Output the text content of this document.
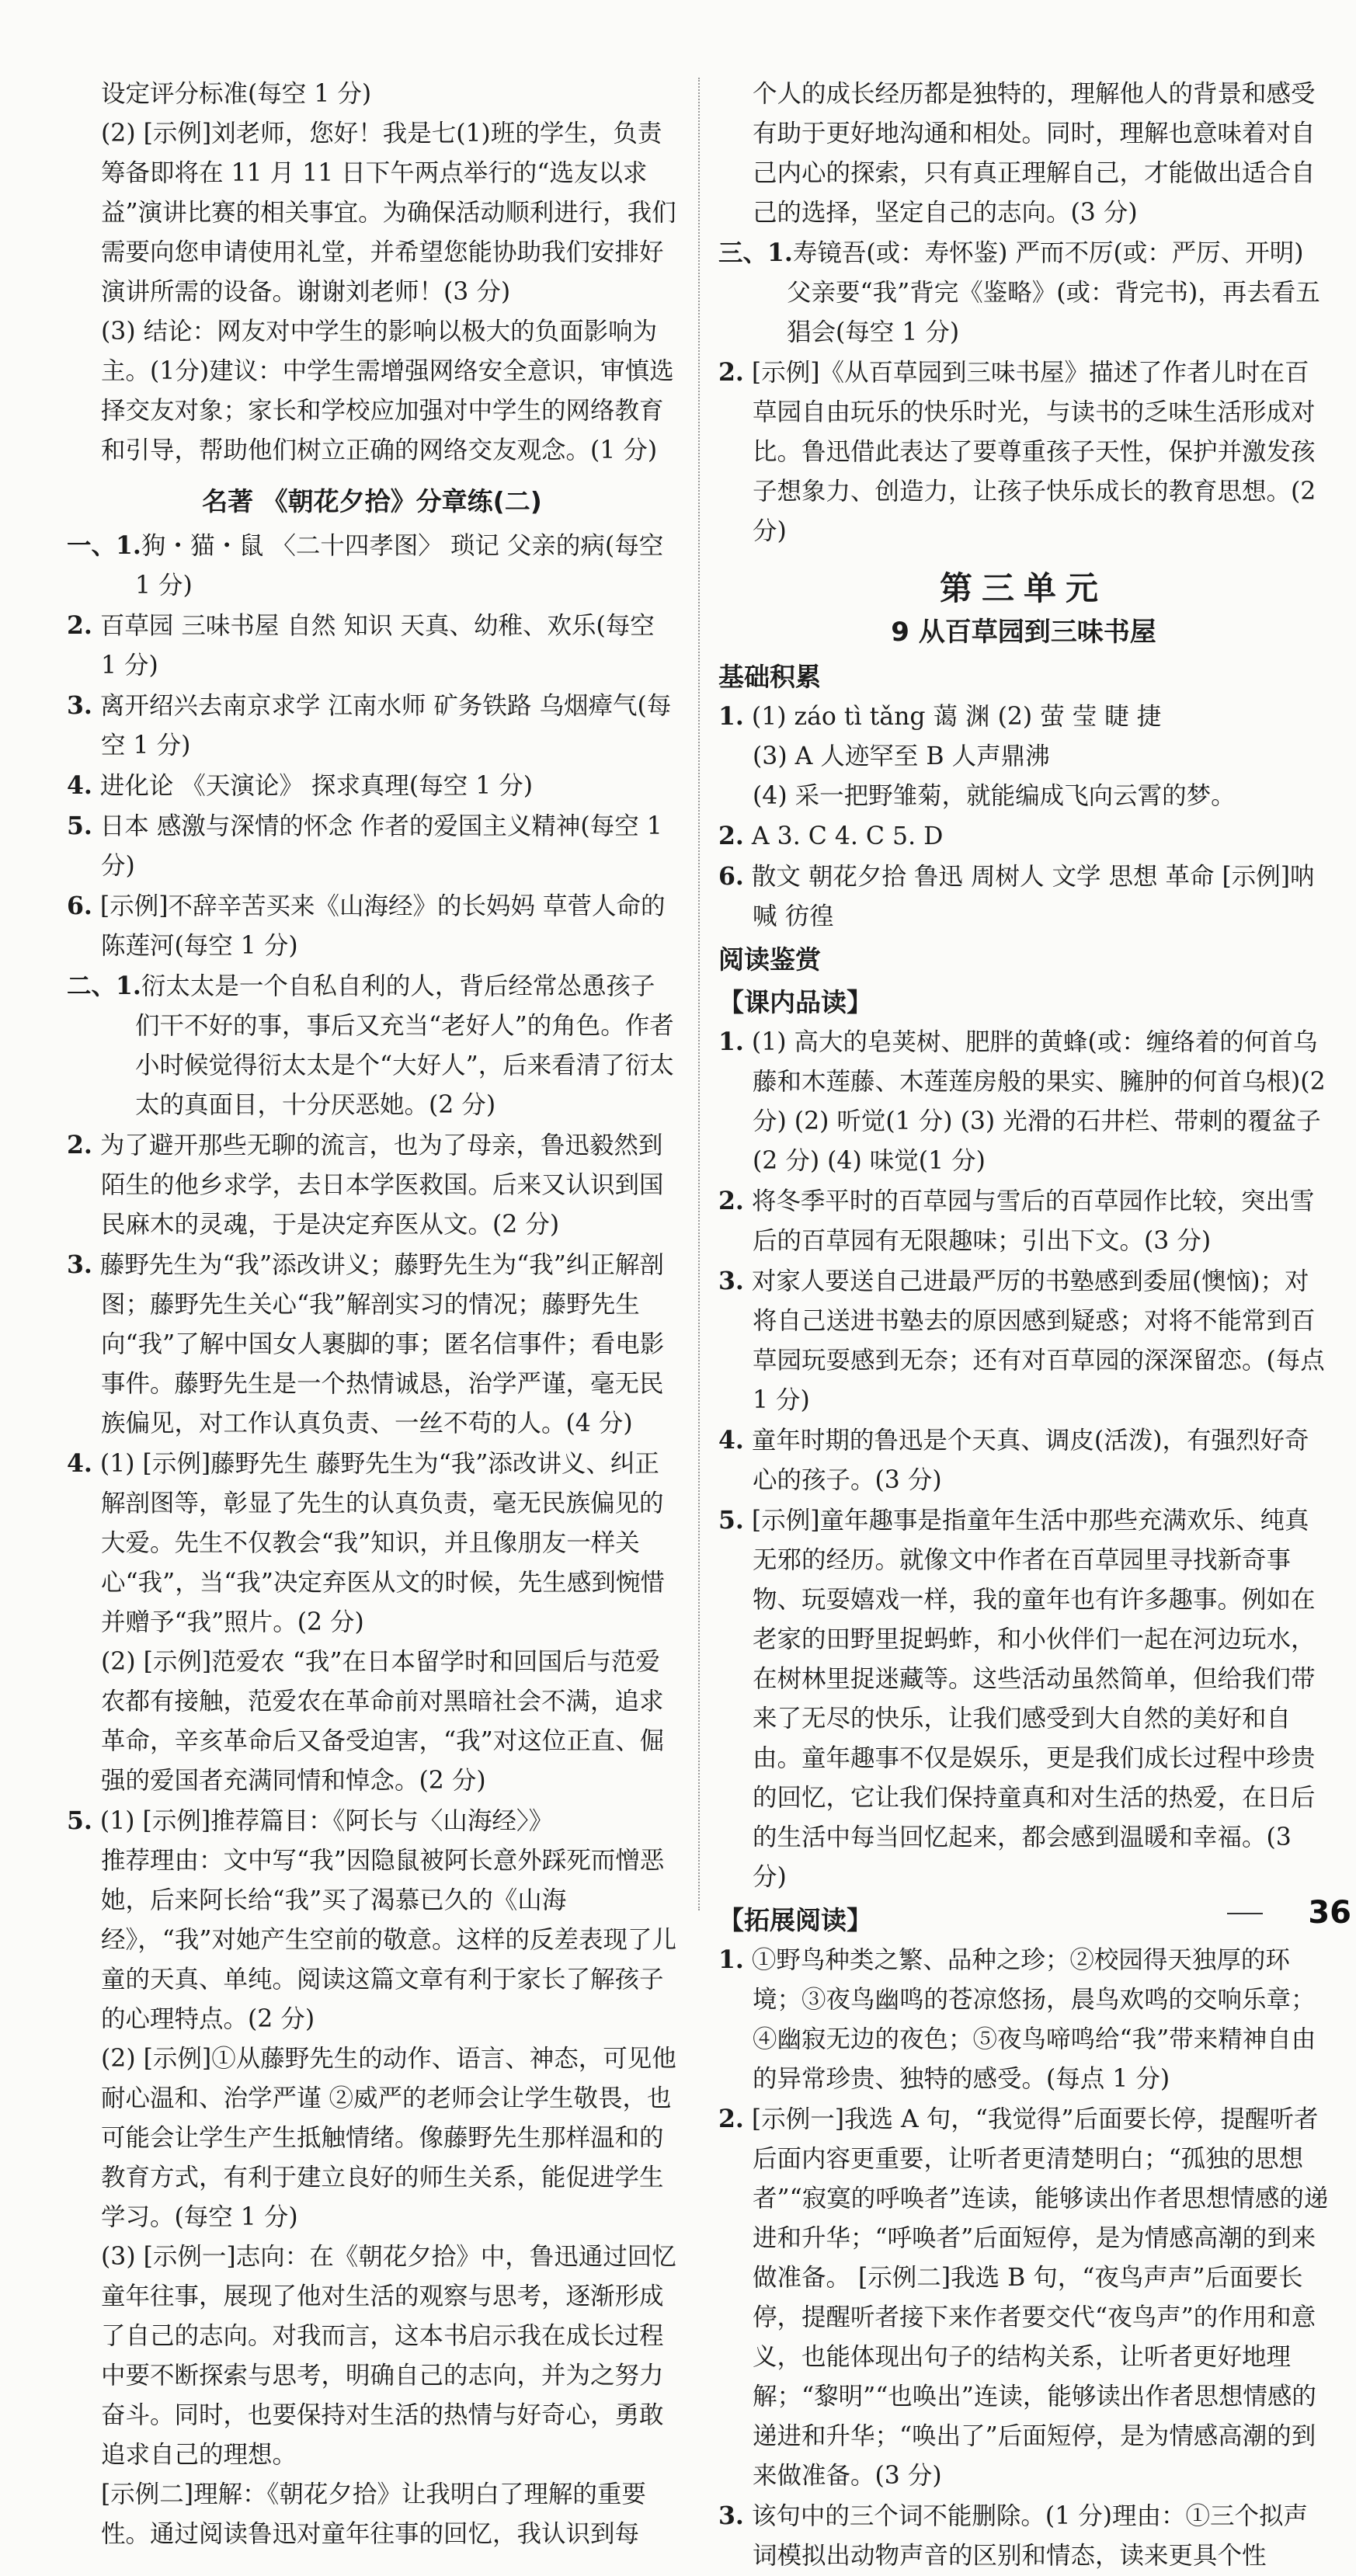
设定评分标准(每空 1 分)

(2) [示例]刘老师，您好！我是七(1)班的学生，负责筹备即将在 11 月 11 日下午两点举行的“选友以求益”演讲比赛的相关事宜。为确保活动顺利进行，我们需要向您申请使用礼堂，并希望您能协助我们安排好演讲所需的设备。谢谢刘老师！(3 分)

(3) 结论：网友对中学生的影响以极大的负面影响为主。(1分)建议：中学生需增强网络安全意识，审慎选择交友对象；家长和学校应加强对中学生的网络教育和引导，帮助他们树立正确的网络交友观念。(1 分)

名著 《朝花夕拾》分章练(二)

一、1.狗・猫・鼠 〈二十四孝图〉 琐记 父亲的病(每空 1 分)

2. 百草园 三味书屋 自然 知识 天真、幼稚、欢乐(每空 1 分)

3. 离开绍兴去南京求学 江南水师 矿务铁路 乌烟瘴气(每空 1 分)

4. 进化论 《天演论》 探求真理(每空 1 分)

5. 日本 感激与深情的怀念 作者的爱国主义精神(每空 1 分)

6. [示例]不辞辛苦买来《山海经》的长妈妈 草菅人命的陈莲河(每空 1 分)

二、1.衍太太是一个自私自利的人，背后经常怂恿孩子们干不好的事，事后又充当“老好人”的角色。作者小时候觉得衍太太是个“大好人”，后来看清了衍太太的真面目，十分厌恶她。(2 分)

2. 为了避开那些无聊的流言，也为了母亲，鲁迅毅然到陌生的他乡求学，去日本学医救国。后来又认识到国民麻木的灵魂，于是决定弃医从文。(2 分)

3. 藤野先生为“我”添改讲义；藤野先生为“我”纠正解剖图；藤野先生关心“我”解剖实习的情况；藤野先生向“我”了解中国女人裹脚的事；匿名信事件；看电影事件。藤野先生是一个热情诚恳，治学严谨，毫无民族偏见，对工作认真负责、一丝不苟的人。(4 分)

4. (1) [示例]藤野先生 藤野先生为“我”添改讲义、纠正解剖图等，彰显了先生的认真负责，毫无民族偏见的大爱。先生不仅教会“我”知识，并且像朋友一样关心“我”，当“我”决定弃医从文的时候，先生感到惋惜并赠予“我”照片。(2 分)

(2) [示例]范爱农 “我”在日本留学时和回国后与范爱农都有接触，范爱农在革命前对黑暗社会不满，追求革命，辛亥革命后又备受迫害，“我”对这位正直、倔强的爱国者充满同情和悼念。(2 分)

5. (1) [示例]推荐篇目：《阿长与〈山海经〉》

推荐理由：文中写“我”因隐鼠被阿长意外踩死而憎恶她，后来阿长给“我”买了渴慕已久的《山海经》，“我”对她产生空前的敬意。这样的反差表现了儿童的天真、单纯。阅读这篇文章有利于家长了解孩子的心理特点。(2 分)

(2) [示例]①从藤野先生的动作、语言、神态，可见他耐心温和、治学严谨 ②威严的老师会让学生敬畏，也可能会让学生产生抵触情绪。像藤野先生那样温和的教育方式，有利于建立良好的师生关系，能促进学生学习。(每空 1 分)

(3) [示例一]志向：在《朝花夕拾》中，鲁迅通过回忆童年往事，展现了他对生活的观察与思考，逐渐形成了自己的志向。对我而言，这本书启示我在成长过程中要不断探索与思考，明确自己的志向，并为之努力奋斗。同时，也要保持对生活的热情与好奇心，勇敢追求自己的理想。

[示例二]理解：《朝花夕拾》让我明白了理解的重要性。通过阅读鲁迅对童年往事的回忆，我认识到每

个人的成长经历都是独特的，理解他人的背景和感受有助于更好地沟通和相处。同时，理解也意味着对自己内心的探索，只有真正理解自己，才能做出适合自己的选择，坚定自己的志向。(3 分)

三、1.寿镜吾(或：寿怀鉴) 严而不厉(或：严厉、开明) 父亲要“我”背完《鉴略》(或：背完书)，再去看五猖会(每空 1 分)

2. [示例]《从百草园到三味书屋》描述了作者儿时在百草园自由玩乐的快乐时光，与读书的乏味生活形成对比。鲁迅借此表达了要尊重孩子天性，保护并激发孩子想象力、创造力，让孩子快乐成长的教育思想。(2 分)

第三单元
9 从百草园到三味书屋
基础积累

1. (1) záo tì tǎng 蔼 渊 (2) 萤 莹 睫 捷

(3) A 人迹罕至 B 人声鼎沸

(4) 采一把野雏菊，就能编成飞向云霄的梦。

2. A 3. C 4. C 5. D

6. 散文 朝花夕拾 鲁迅 周树人 文学 思想 革命 [示例]呐喊 彷徨

阅读鉴赏
【课内品读】

1. (1) 高大的皂荚树、肥胖的黄蜂(或：缠络着的何首乌藤和木莲藤、木莲莲房般的果实、臃肿的何首乌根)(2 分) (2) 听觉(1 分) (3) 光滑的石井栏、带刺的覆盆子(2 分) (4) 味觉(1 分)

2. 将冬季平时的百草园与雪后的百草园作比较，突出雪后的百草园有无限趣味；引出下文。(3 分)

3. 对家人要送自己进最严厉的书塾感到委屈(懊恼)；对将自己送进书塾去的原因感到疑惑；对将不能常到百草园玩耍感到无奈；还有对百草园的深深留恋。(每点 1 分)

4. 童年时期的鲁迅是个天真、调皮(活泼)，有强烈好奇心的孩子。(3 分)

5. [示例]童年趣事是指童年生活中那些充满欢乐、纯真无邪的经历。就像文中作者在百草园里寻找新奇事物、玩耍嬉戏一样，我的童年也有许多趣事。例如在老家的田野里捉蚂蚱，和小伙伴们一起在河边玩水，在树林里捉迷藏等。这些活动虽然简单，但给我们带来了无尽的快乐，让我们感受到大自然的美好和自由。童年趣事不仅是娱乐，更是我们成长过程中珍贵的回忆，它让我们保持童真和对生活的热爱，在日后的生活中每当回忆起来，都会感到温暖和幸福。(3 分)

【拓展阅读】

1. ①野鸟种类之繁、品种之珍；②校园得天独厚的环境；③夜鸟幽鸣的苍凉悠扬，晨鸟欢鸣的交响乐章；④幽寂无边的夜色；⑤夜鸟啼鸣给“我”带来精神自由的异常珍贵、独特的感受。(每点 1 分)

2. [示例一]我选 A 句，“我觉得”后面要长停，提醒听者后面内容更重要，让听者更清楚明白；“孤独的思想者”“寂寞的呼唤者”连读，能够读出作者思想情感的递进和升华；“呼唤者”后面短停，是为情感高潮的到来做准备。 [示例二]我选 B 句，“夜鸟声声”后面要长停，提醒听者接下来作者要交代“夜鸟声”的作用和意义，也能体现出句子的结构关系，让听者更好地理解；“黎明”“也唤出”连读，能够读出作者思想情感的递进和升华；“唤出了”后面短停，是为情感高潮的到来做准备。(3 分)

3. 该句中的三个词不能删除。(1 分)理由：①三个拟声词模拟出动物声音的区别和情态，读来更具个性

36
